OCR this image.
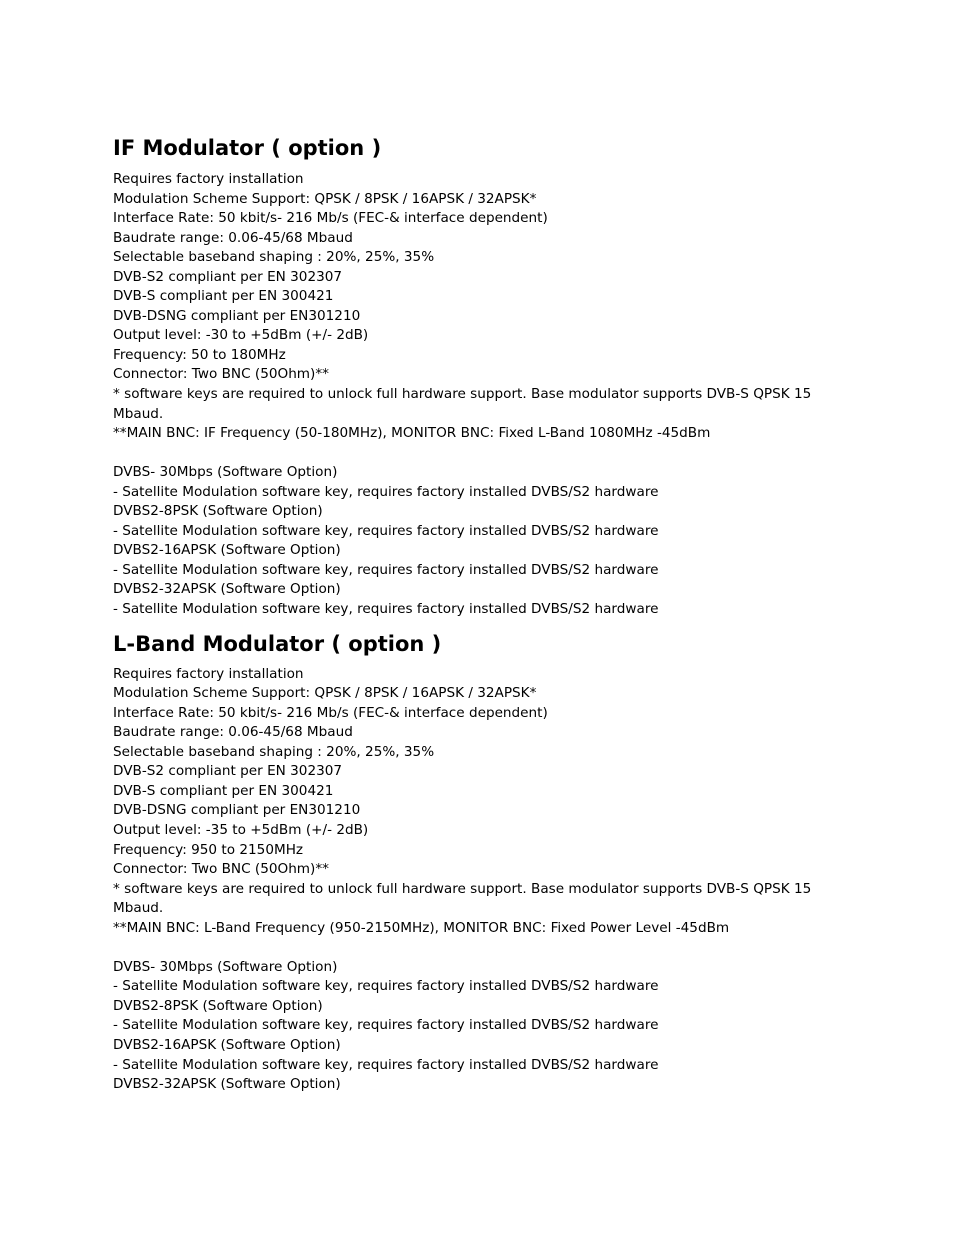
IF Modulator ( option )

Requires factory installation

Modulation Scheme Support: QPSK / 8PSK / 16APSK / 32APSK*

Interface Rate: 50 kbit/s- 216 Mb/s (FEC-& interface dependent)

Baudrate range: 0.06-45/68 Mbaud

Selectable baseband shaping : 20%, 25%, 35%

DVB-S2 compliant per EN 302307

DVB-S compliant per EN 300421

DVB-DSNG compliant per EN301210

Output level: -30 to +5dBm (+/- 2dB)

Frequency: 50 to 180MHz

Connector: Two BNC (50Ohm)**

* software keys are required to unlock full hardware support. Base modulator supports DVB-S QPSK 15 Mbaud.

**MAIN BNC: IF Frequency (50-180MHz), MONITOR BNC: Fixed L-Band 1080MHz -45dBm

DVBS- 30Mbps (Software Option)

- Satellite Modulation software key, requires factory installed DVBS/S2 hardware

DVBS2-8PSK (Software Option)

- Satellite Modulation software key, requires factory installed DVBS/S2 hardware

DVBS2-16APSK (Software Option)

- Satellite Modulation software key, requires factory installed DVBS/S2 hardware

DVBS2-32APSK (Software Option)

- Satellite Modulation software key, requires factory installed DVBS/S2 hardware

L-Band Modulator ( option )

Requires factory installation

Modulation Scheme Support: QPSK / 8PSK / 16APSK / 32APSK*

Interface Rate: 50 kbit/s- 216 Mb/s (FEC-& interface dependent)

Baudrate range: 0.06-45/68 Mbaud

Selectable baseband shaping : 20%, 25%, 35%

DVB-S2 compliant per EN 302307

DVB-S compliant per EN 300421

DVB-DSNG compliant per EN301210

Output level: -35 to +5dBm (+/- 2dB)

Frequency: 950 to 2150MHz

Connector: Two BNC (50Ohm)**

* software keys are required to unlock full hardware support. Base modulator supports DVB-S QPSK 15 Mbaud.

**MAIN BNC: L-Band Frequency (950-2150MHz), MONITOR BNC: Fixed Power Level -45dBm

DVBS- 30Mbps (Software Option)

- Satellite Modulation software key, requires factory installed DVBS/S2 hardware

DVBS2-8PSK (Software Option)

- Satellite Modulation software key, requires factory installed DVBS/S2 hardware

DVBS2-16APSK (Software Option)

- Satellite Modulation software key, requires factory installed DVBS/S2 hardware

DVBS2-32APSK (Software Option)
